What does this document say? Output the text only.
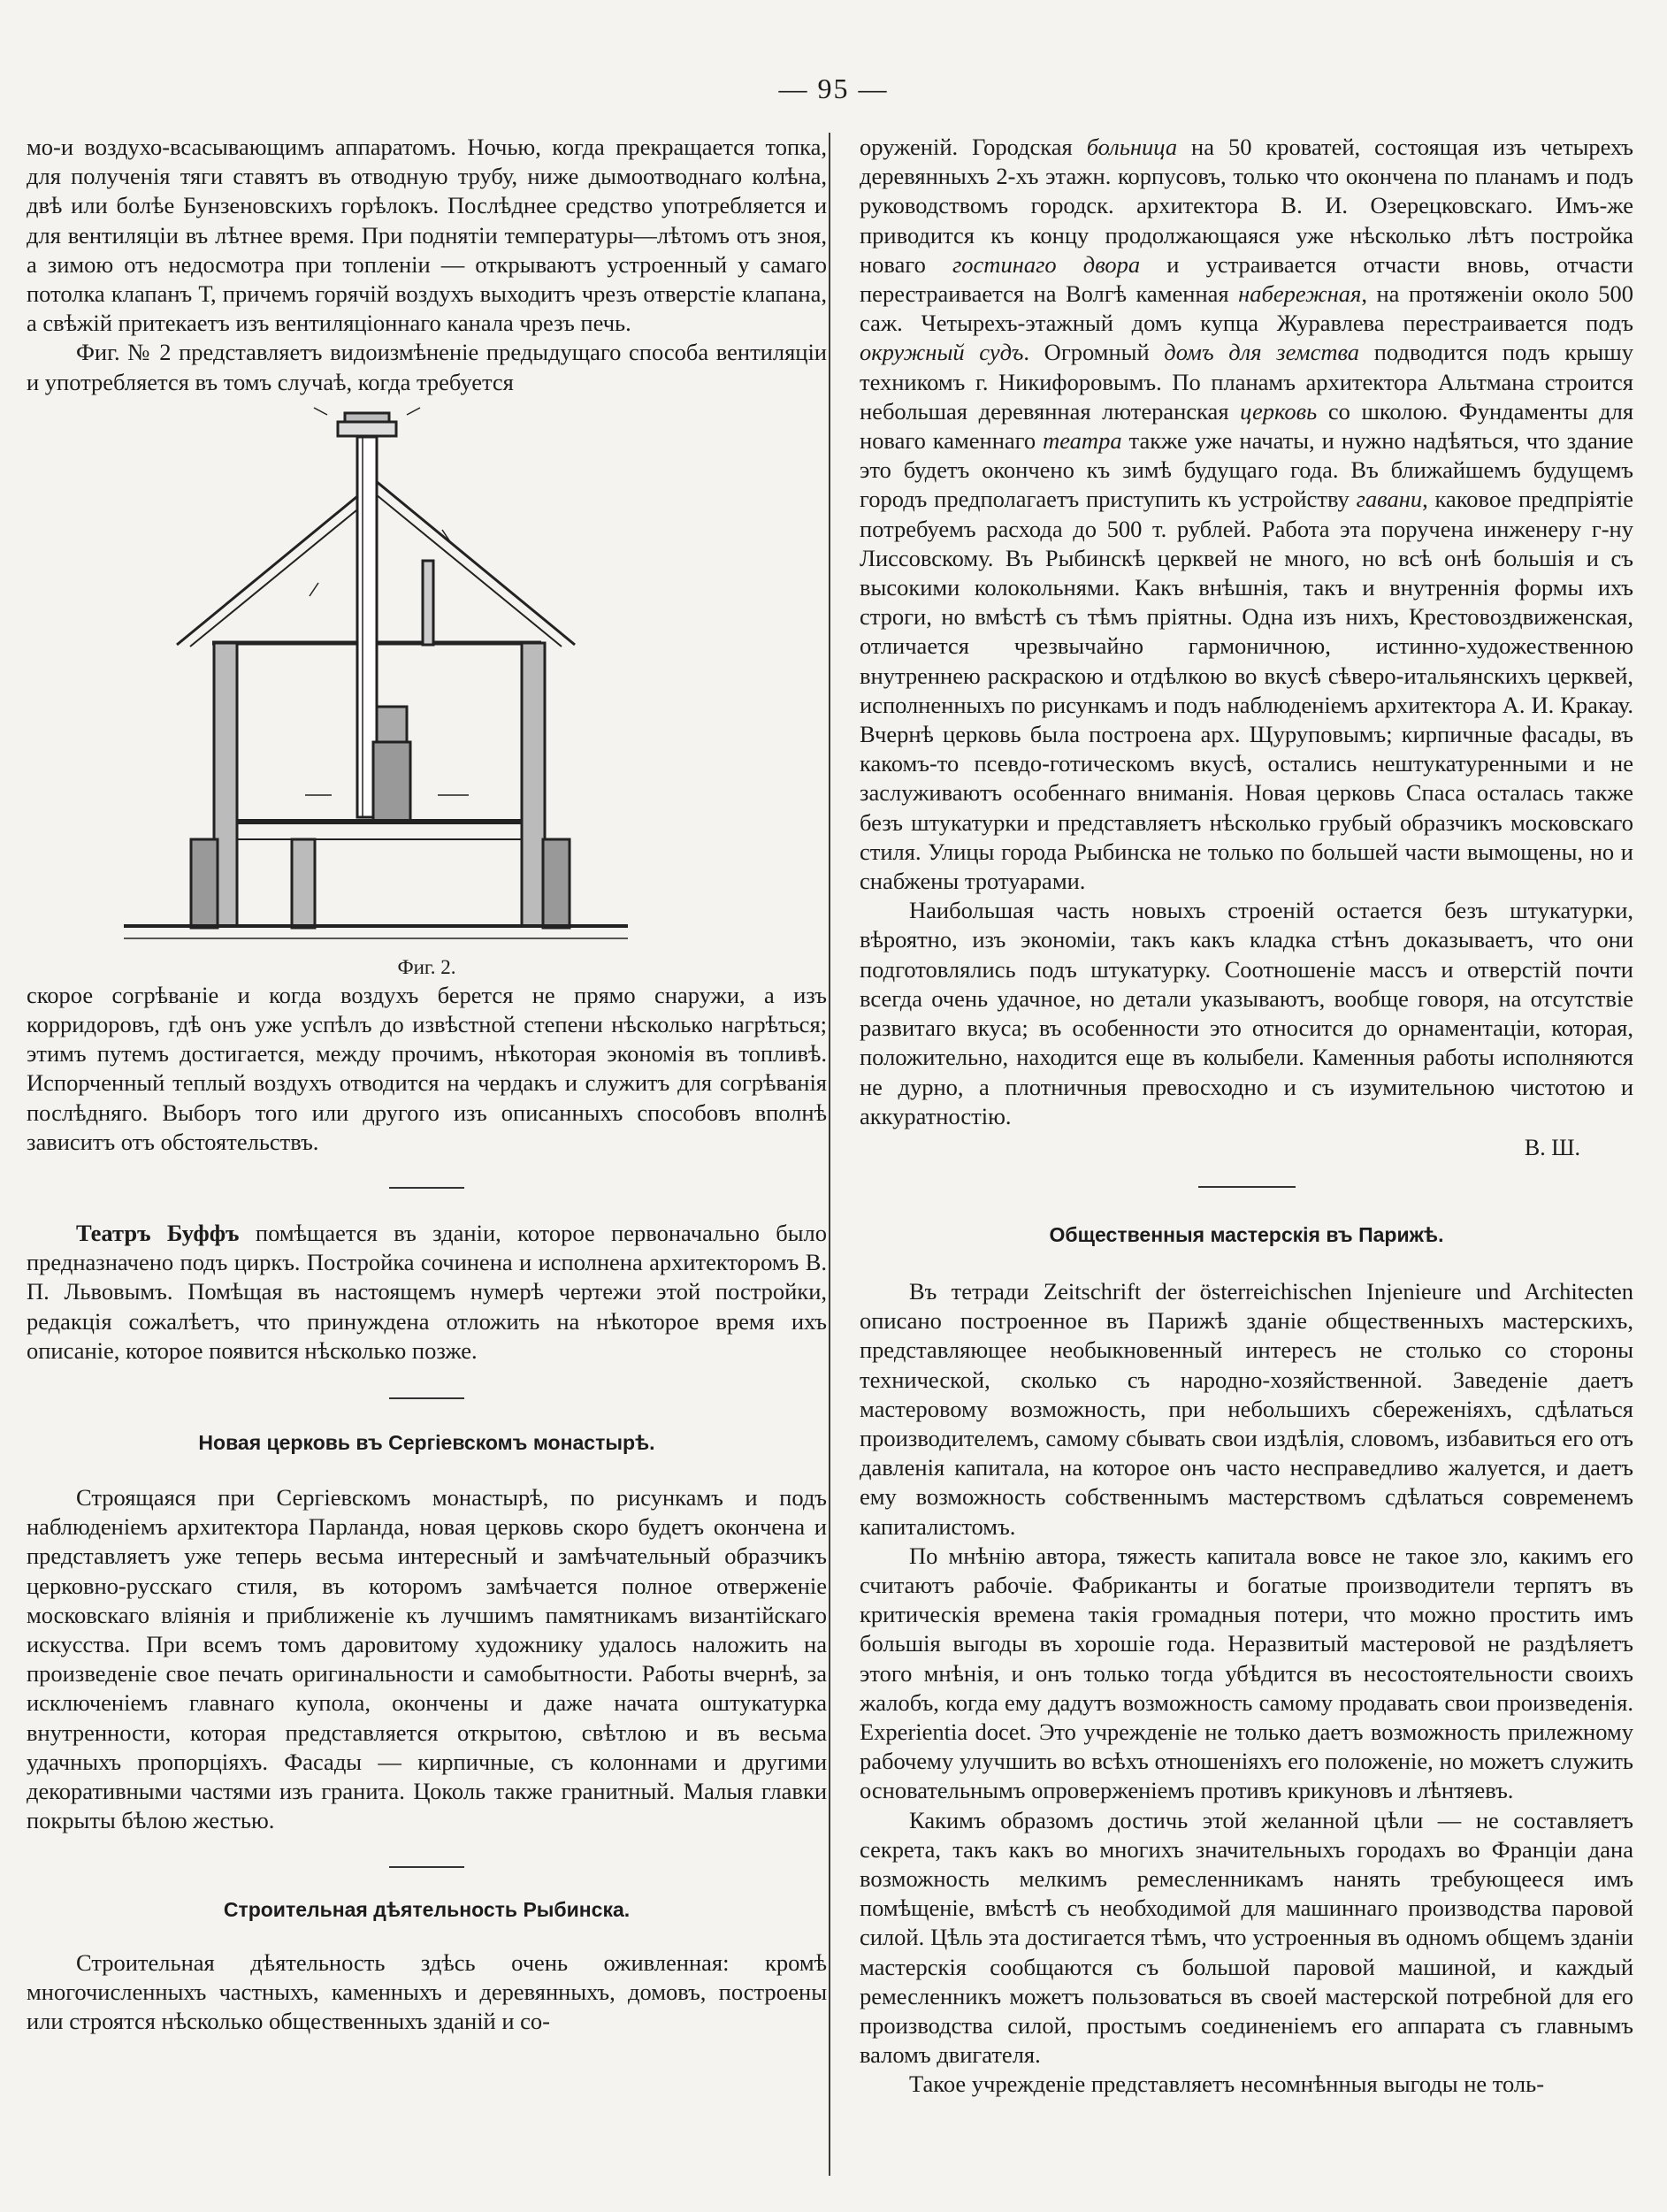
— 95 —

мо-и воздухо-всасывающимъ аппаратомъ. Ночью, когда прекращается топка, для полученія тяги ставятъ въ отводную трубу, ниже дымоотводнаго колѣна, двѣ или болѣе Бунзеновскихъ горѣлокъ. Послѣднее средство употребляется и для вентиляціи въ лѣтнее время. При поднятіи температуры—лѣтомъ отъ зноя, а зимою отъ недосмотра при топленіи — открываютъ устроенный у самаго потолка клапанъ Т, причемъ горячій воздухъ выходитъ чрезъ отверстіе клапана, а свѣжій притекаетъ изъ вентиляціоннаго канала чрезъ печь.

Фиг. № 2 представляетъ видоизмѣненіе предыдущаго способа вентиляціи и употребляется въ томъ случаѣ, когда требуется

Фиг. 2.

скорое согрѣваніе и когда воздухъ берется не прямо снаружи, а изъ корридоровъ, гдѣ онъ уже успѣлъ до извѣстной степени нѣсколько нагрѣться; этимъ путемъ достигается, между прочимъ, нѣкоторая экономія въ топливѣ. Испорченный теплый воздухъ отводится на чердакъ и служитъ для согрѣванія послѣдняго. Выборъ того или другого изъ описанныхъ способовъ вполнѣ зависитъ отъ обстоятельствъ.

Театръ Буффъ помѣщается въ зданіи, которое первоначально было предназначено подъ циркъ. Постройка сочинена и исполнена архитекторомъ В. П. Львовымъ. Помѣщая въ настоящемъ нумерѣ чертежи этой постройки, редакція сожалѣетъ, что принуждена отложить на нѣкоторое время ихъ описаніе, которое появится нѣсколько позже.

Новая церковь въ Сергіевскомъ монастырѣ.

Строящаяся при Сергіевскомъ монастырѣ, по рисункамъ и подъ наблюденіемъ архитектора Парланда, новая церковь скоро будетъ окончена и представляетъ уже теперь весьма интересный и замѣчательный образчикъ церковно-русскаго стиля, въ которомъ замѣчается полное отверженіе московскаго вліянія и приближеніе къ лучшимъ памятникамъ византійскаго искусства. При всемъ томъ даровитому художнику удалось наложить на произведеніе свое печать оригинальности и самобытности. Работы вчернѣ, за исключеніемъ главнаго купола, окончены и даже начата оштукатурка внутренности, которая представляется открытою, свѣтлою и въ весьма удачныхъ пропорціяхъ. Фасады — кирпичные, съ колоннами и другими декоративными частями изъ гранита. Цоколь также гранитный. Малыя главки покрыты бѣлою жестью.

Строительная дѣятельность Рыбинска.

Строительная дѣятельность здѣсь очень оживленная: кромѣ многочисленныхъ частныхъ, каменныхъ и деревянныхъ, домовъ, построены или строятся нѣсколько общественныхъ зданій и со-

оруженій. Городская больница на 50 кроватей, состоящая изъ четырехъ деревянныхъ 2-хъ этажн. корпусовъ, только что окончена по планамъ и подъ руководствомъ городск. архитектора В. И. Озерецковскаго. Имъ-же приводится къ концу продолжающаяся уже нѣсколько лѣтъ постройка новаго гостинаго двора и устраивается отчасти вновь, отчасти перестраивается на Волгѣ каменная набережная, на протяженіи около 500 саж. Четырехъ-этажный домъ купца Журавлева перестраивается подъ окружный судъ. Огромный домъ для земства подводится подъ крышу техникомъ г. Никифоровымъ. По планамъ архитектора Альтмана строится небольшая деревянная лютеранская церковь со школою. Фундаменты для новаго каменнаго театра также уже начаты, и нужно надѣяться, что здание это будетъ окончено къ зимѣ будущаго года. Въ ближайшемъ будущемъ городъ предполагаетъ приступить къ устройству гавани, каковое предпріятіе потребуемъ расхода до 500 т. рублей. Работа эта поручена инженеру г-ну Лиссовскому. Въ Рыбинскѣ церквей не много, но всѣ онѣ большія и съ высокими колокольнями. Какъ внѣшнія, такъ и внутреннія формы ихъ строги, но вмѣстѣ съ тѣмъ пріятны. Одна изъ нихъ, Крестовоздвиженская, отличается чрезвычайно гармоничною, истинно-художественною внутреннею раскраскою и отдѣлкою во вкусѣ сѣверо-итальянскихъ церквей, исполненныхъ по рисункамъ и подъ наблюденіемъ архитектора А. И. Кракау. Вчернѣ церковь была построена арх. Щуруповымъ; кирпичные фасады, въ какомъ-то псевдо-готическомъ вкусѣ, остались нештукатуренными и не заслуживаютъ особеннаго вниманія. Новая церковь Спаса осталась также безъ штукатурки и представляетъ нѣсколько грубый образчикъ московскаго стиля. Улицы города Рыбинска не только по большей части вымощены, но и снабжены тротуарами.

Наибольшая часть новыхъ строеній остается безъ штукатурки, вѣроятно, изъ экономіи, такъ какъ кладка стѣнъ доказываетъ, что они подготовлялись подъ штукатурку. Соотношеніе массъ и отверстій почти всегда очень удачное, но детали указываютъ, вообще говоря, на отсутствіе развитаго вкуса; въ особенности это относится до орнаментаціи, которая, положительно, находится еще въ колыбели. Каменныя работы исполняются не дурно, а плотничныя превосходно и съ изумительною чистотою и аккуратностію.

В. Ш.

Общественныя мастерскія въ Парижѣ.

Въ тетради Zeitschrift der österreichischen Injenieure und Architecten описано построенное въ Парижѣ зданіе общественныхъ мастерскихъ, представляющее необыкновенный интересъ не столько со стороны технической, сколько съ народно-хозяйственной. Заведеніе даетъ мастеровому возможность, при небольшихъ сбереженіяхъ, сдѣлаться производителемъ, самому сбывать свои издѣлія, словомъ, избавиться его отъ давленія капитала, на которое онъ часто несправедливо жалуется, и даетъ ему возможность собственнымъ мастерствомъ сдѣлаться современемъ капиталистомъ.

По мнѣнію автора, тяжесть капитала вовсе не такое зло, какимъ его считаютъ рабочіе. Фабриканты и богатые производители терпятъ въ критическія времена такія громадныя потери, что можно простить имъ большія выгоды въ хорошіе года. Неразвитый мастеровой не раздѣляетъ этого мнѣнія, и онъ только тогда убѣдится въ несостоятельности своихъ жалобъ, когда ему дадутъ возможность самому продавать свои произведенія. Experientia docet. Это учрежденіе не только даетъ возможность прилежному рабочему улучшить во всѣхъ отношеніяхъ его положеніе, но можетъ служить основательнымъ опроверженіемъ противъ крикуновъ и лѣнтяевъ.

Какимъ образомъ достичь этой желанной цѣли — не составляетъ секрета, такъ какъ во многихъ значительныхъ городахъ во Франціи дана возможность мелкимъ ремесленникамъ нанять требующееся имъ помѣщеніе, вмѣстѣ съ необходимой для машиннаго производства паровой силой. Цѣль эта достигается тѣмъ, что устроенныя въ одномъ общемъ зданіи мастерскія сообщаются съ большой паровой машиной, и каждый ремесленникъ можетъ пользоваться въ своей мастерской потребной для его производства силой, простымъ соединеніемъ его аппарата съ главнымъ валомъ двигателя.

Такое учрежденіе представляетъ несомнѣнныя выгоды не толь-
